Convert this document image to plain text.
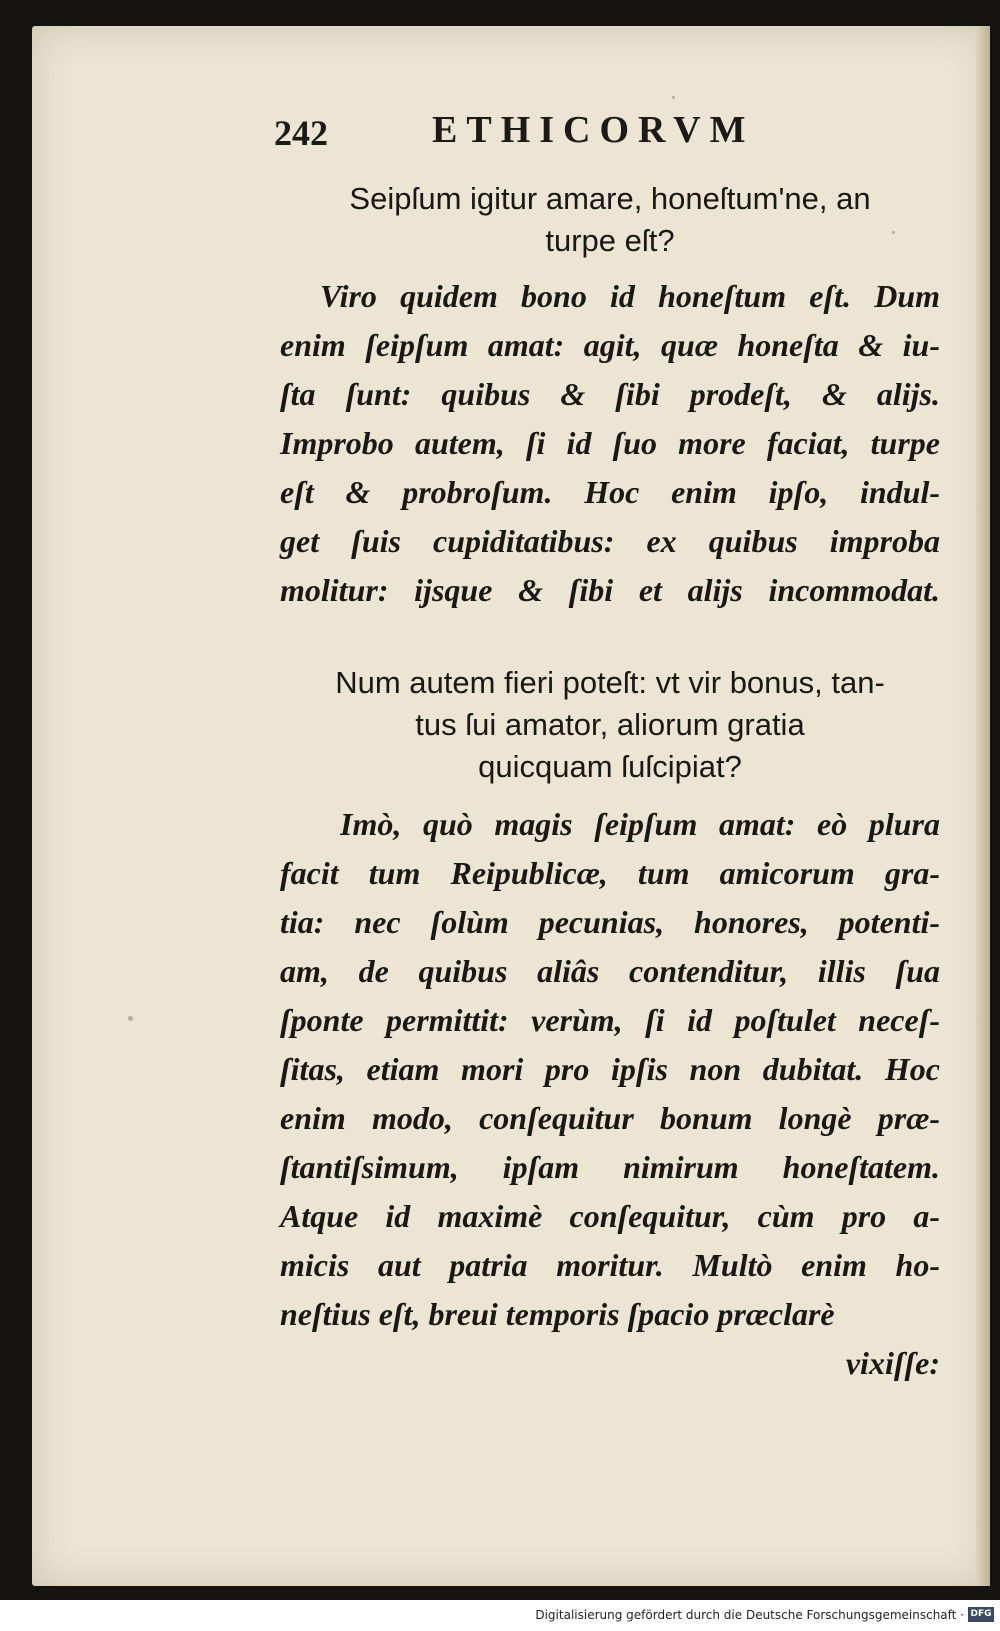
242	ETHICORVM
Seipſum igitur amare, honeſtum'ne, an
turpe eſt?
Viro quidem bono id honeſtum eſt. Dum
enim ſeipſum amat: agit, quæ honeſta & iu-
ſta ſunt: quibus & ſibi prodeſt, & alijs.
Improbo autem, ſi id ſuo more faciat, turpe
eſt & probroſum. Hoc enim ipſo, indul-
get ſuis cupiditatibus: ex quibus improba
molitur: ijsque & ſibi et alijs incommodat.
Num autem fieri poteſt: vt vir bonus, tan-
tus ſui amator, aliorum gratia
quicquam ſuſcipiat?
Imò, quò magis ſeipſum amat: eò plura
facit tum Reipublicæ, tum amicorum gra-
tia: nec ſolùm pecunias, honores, potenti-
am, de quibus aliâs contenditur, illis ſua
ſponte permittit: verùm, ſi id poſtulet neceſ-
ſitas, etiam mori pro ipſis non dubitat. Hoc
enim modo, conſequitur bonum longè præ-
ſtantiſsimum, ipſam nimirum honeſtatem.
Atque id maximè conſequitur, cùm pro a-
micis aut patria moritur. Multò enim ho-
neſtius eſt, breui temporis ſpacio præclarè
vixiſſe:
Digitalisierung gefördert durch die Deutsche Forschungsgemeinschaft · DFG
